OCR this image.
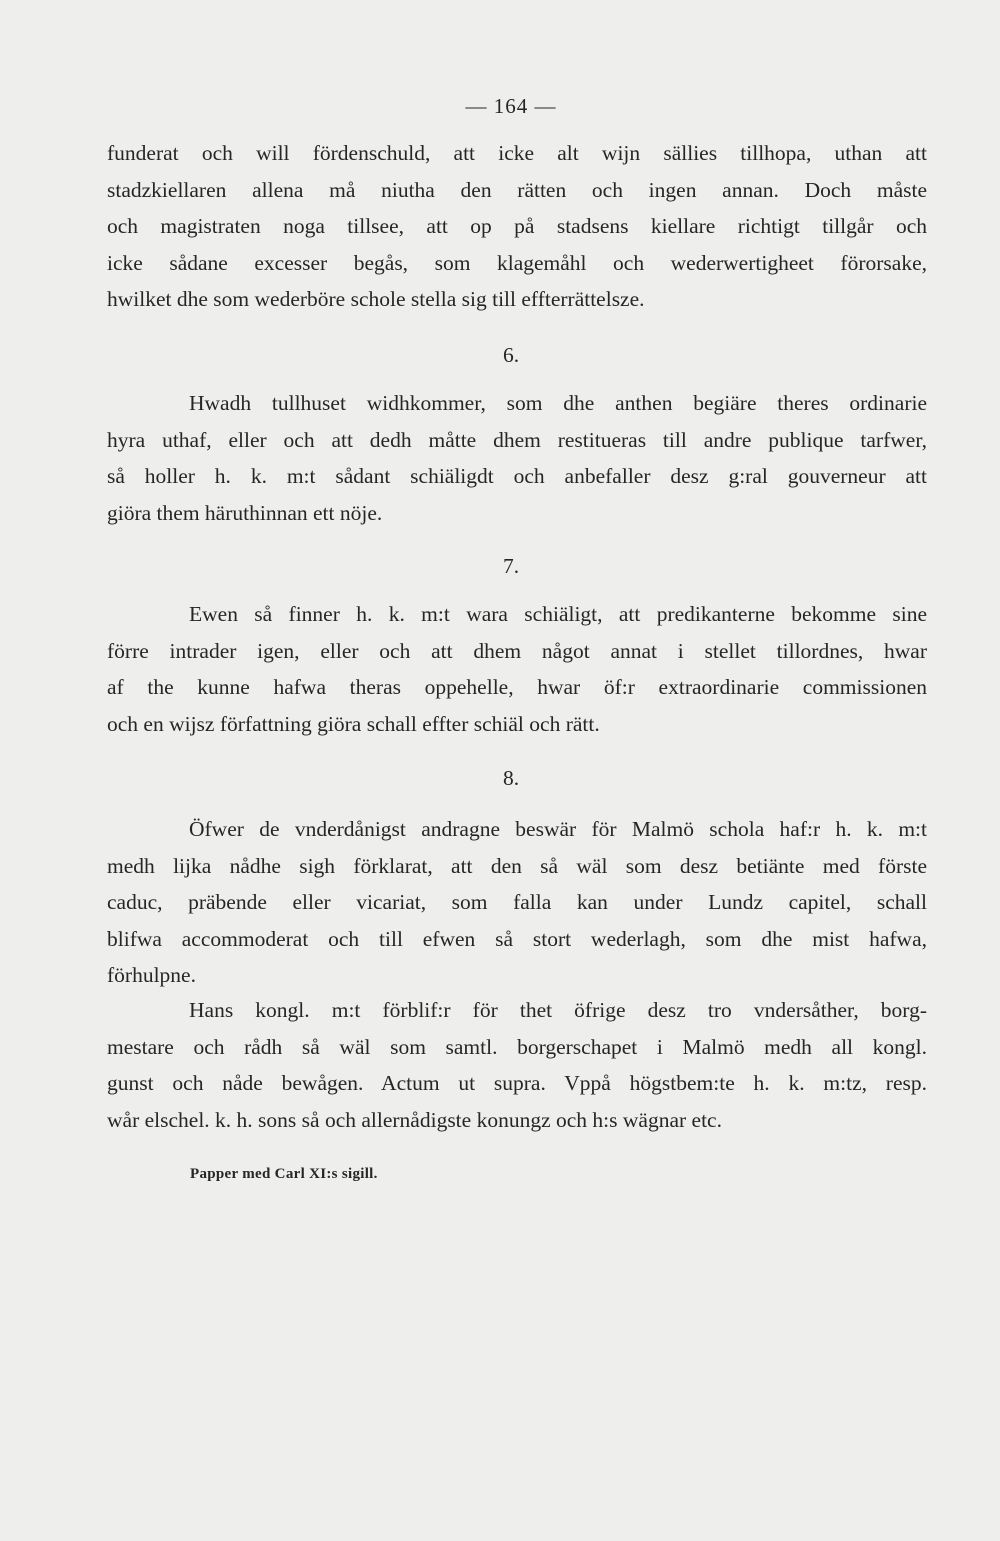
— 164 —
funderat och will fördenschuld, att icke alt wijn sällies tillhopa, uthan att
stadzkiellaren allena må niutha den rätten och ingen annan. Doch måste
och magistraten noga tillsee, att op på stadsens kiellare richtigt tillgår och
icke sådane excesser begås, som klagemåhl och wederwertigheet förorsake,
hwilket dhe som wederböre schole stella sig till effterrättelsze.
6.
Hwadh tullhuset widhkommer, som dhe anthen begiäre theres ordinarie
hyra uthaf, eller och att dedh måtte dhem restitueras till andre publique tarfwer,
så holler h. k. m:t sådant schiäligdt och anbefaller desz g:ral gouverneur att
giöra them häruthinnan ett nöje.
7.
Ewen så finner h. k. m:t wara schiäligt, att predikanterne bekomme sine
förre intrader igen, eller och att dhem något annat i stellet tillordnes, hwar
af the kunne hafwa theras oppehelle, hwar öf:r extraordinarie commissionen
och en wijsz författning giöra schall effter schiäl och rätt.
8.
Öfwer de vnderdånigst andragne beswär för Malmö schola haf:r h. k. m:t
medh lijka nådhe sigh förklarat, att den så wäl som desz betiänte med förste
caduc, präbende eller vicariat, som falla kan under Lundz capitel, schall
blifwa accommoderat och till efwen så stort wederlagh, som dhe mist hafwa,
förhulpne.
Hans kongl. m:t förblif:r för thet öfrige desz tro vndersåther, borg-
mestare och rådh så wäl som samtl. borgerschapet i Malmö medh all kongl.
gunst och nåde bewågen. Actum ut supra. Vppå högstbem:te h. k. m:tz, resp.
wår elschel. k. h. sons så och allernådigste konungz och h:s wägnar etc.
Papper med Carl XI:s sigill.
